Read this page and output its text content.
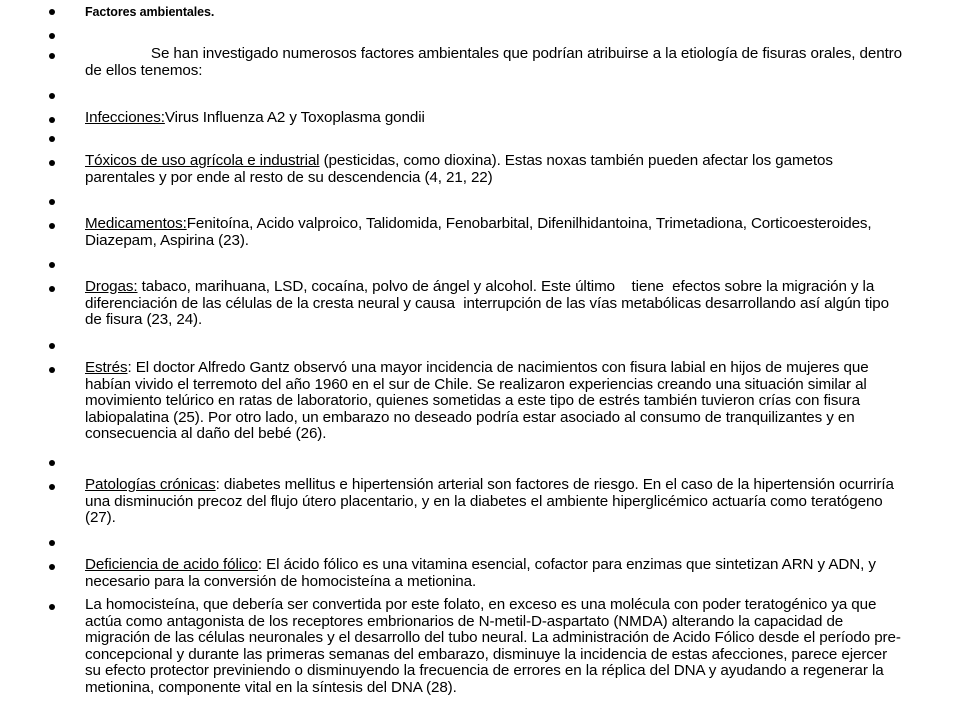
Factores ambientales.
Se han investigado numerosos factores ambientales que podrían atribuirse a la etiología de fisuras orales, dentro de ellos tenemos:
Infecciones:Virus Influenza A2 y Toxoplasma gondii
Tóxicos de uso agrícola e industrial (pesticidas, como dioxina). Estas noxas también pueden afectar los gametos parentales y por ende al resto de su descendencia (4, 21, 22)
Medicamentos:Fenitoína, Acido valproico, Talidomida, Fenobarbital, Difenilhidantoina, Trimetadiona, Corticoesteroides, Diazepam, Aspirina (23).
Drogas: tabaco, marihuana, LSD, cocaína, polvo de ángel y alcohol. Este último    tiene  efectos sobre la migración y la diferenciación de las células de la cresta neural y causa  interrupción de las vías metabólicas desarrollando así algún tipo de fisura (23, 24).
Estrés: El doctor Alfredo Gantz observó una mayor incidencia de nacimientos con fisura labial en hijos de mujeres que habían vivido el terremoto del año 1960 en el sur de Chile. Se realizaron experiencias creando una situación similar al movimiento telúrico en ratas de laboratorio, quienes sometidas a este tipo de estrés también tuvieron crías con fisura labiopalatina (25). Por otro lado, un embarazo no deseado podría estar asociado al consumo de tranquilizantes y en consecuencia al daño del bebé (26).
Patologías crónicas: diabetes mellitus e hipertensión arterial son factores de riesgo. En el caso de la hipertensión ocurriría una disminución precoz del flujo útero placentario, y en la diabetes el ambiente hiperglicémico actuaría como teratógeno (27).
Deficiencia de acido fólico: El ácido fólico es una vitamina esencial, cofactor para enzimas que sintetizan ARN y ADN, y necesario para la conversión de homocisteína a metionina.
La homocisteína, que debería ser convertida por este folato, en exceso es una molécula con poder teratogénico ya que actúa como antagonista de los receptores embrionarios de N-metil-D-aspartato (NMDA) alterando la capacidad de migración de las células neuronales y el desarrollo del tubo neural. La administración de Acido Fólico desde el período pre-concepcional y durante las primeras semanas del embarazo, disminuye la incidencia de estas afecciones, parece ejercer su efecto protector previniendo o disminuyendo la frecuencia de errores en la réplica del DNA y ayudando a regenerar la metionina, componente vital en la síntesis del DNA (28).
